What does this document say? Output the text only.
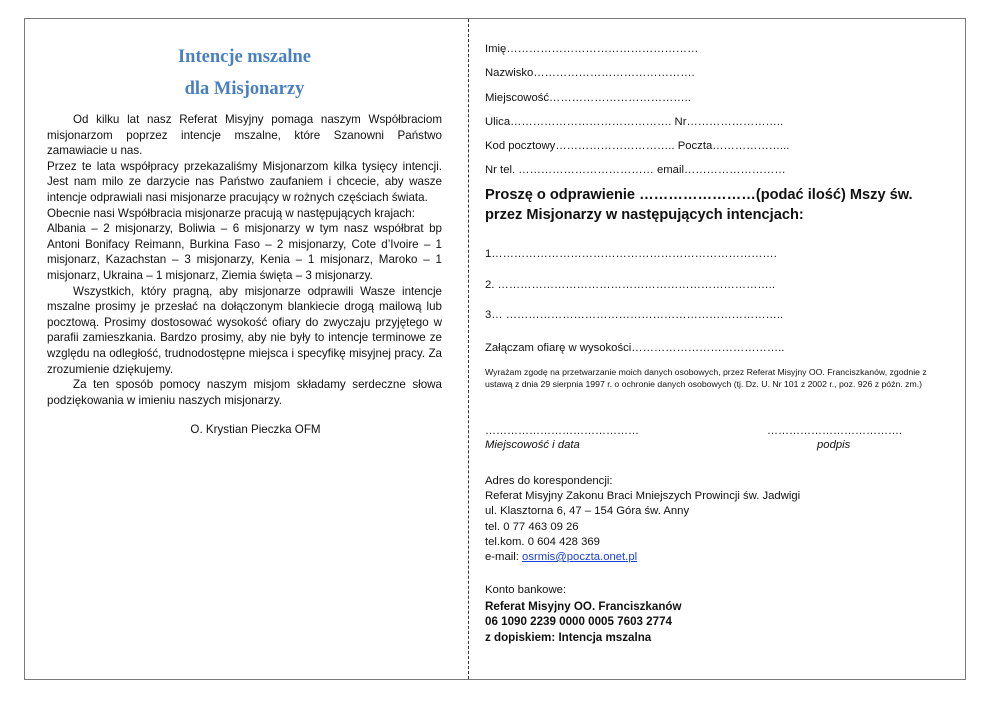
Intencje mszalne
dla Misjonarzy

Od kilku lat nasz Referat Misyjny pomaga naszym Współbraciom misjonarzom poprzez intencje mszalne, które Szanowni Państwo zamawiacie u nas.

Przez te lata współpracy przekazaliśmy Misjonarzom kilka tysięcy intencji. Jest nam milo ze darzycie nas Państwo zaufaniem i chcecie, aby wasze intencje odprawiali nasi misjonarze pracujący w rożnych częściach świata.

Obecnie nasi Współbracia misjonarze pracują w następujących krajach:

Albania – 2 misjonarzy, Boliwia – 6 misjonarzy w tym nasz współbrat bp Antoni Bonifacy Reimann, Burkina Faso – 2 misjonarzy, Cote d’Ivoire – 1 misjonarz, Kazachstan – 3 misjonarzy, Kenia – 1 misjonarz, Maroko – 1 misjonarz, Ukraina – 1 misjonarz, Ziemia święta – 3 misjonarzy.

Wszystkich, który pragną, aby misjonarze odprawili Wasze intencje mszalne prosimy je przesłać na dołączonym blankiecie drogą mailową lub pocztową. Prosimy dostosować wysokość ofiary do zwyczaju przyjętego w parafii zamieszkania. Bardzo prosimy, aby nie były to intencje terminowe ze względu na odległość, trudnodostępne miejsca i specyfikę misyjnej pracy. Za zrozumienie dziękujemy.

Za ten sposób pomocy naszym misjom składamy serdeczne słowa podziękowania w imieniu naszych misjonarzy.

O. Krystian Pieczka OFM
Imię……………………………………………
Nazwisko…………………………………….
Miejscowość………………………………..
Ulica……………………………………. Nr……………………..
Kod pocztowy………………………….. Poczta………………...
Nr tel. ……………………………… email………………………
Proszę o odprawienie ……………………(podać ilość) Mszy św.
przez Misjonarzy w następujących intencjach:
1………………………………………………………………….
2. ………………………………………………………………..
3… ………………………………………………………………..
Załączam ofiarę w wysokości…………………………………..
Wyrażam zgodę na przetwarzanie moich danych osobowych, przez Referat Misyjny OO. Franciszkanów, zgodnie z ustawą z dnia 29 sierpnia 1997 r. o ochronie danych osobowych (tj. Dz. U. Nr 101 z 2002 r., poz. 926 z późn. zm.)
……………………………………	……………………………….
Miejscowość i data	podpis
Adres do korespondencji:
Referat Misyjny Zakonu Braci Mniejszych Prowincji św. Jadwigi
ul. Klasztorna 6, 47 – 154 Góra św. Anny
tel. 0 77 463 09 26
tel.kom. 0 604 428 369
e-mail: osrmis@poczta.onet.pl
Konto bankowe:
Referat Misyjny OO. Franciszkanów
06 1090 2239 0000 0005 7603 2774
z dopiskiem: Intencja mszalna
